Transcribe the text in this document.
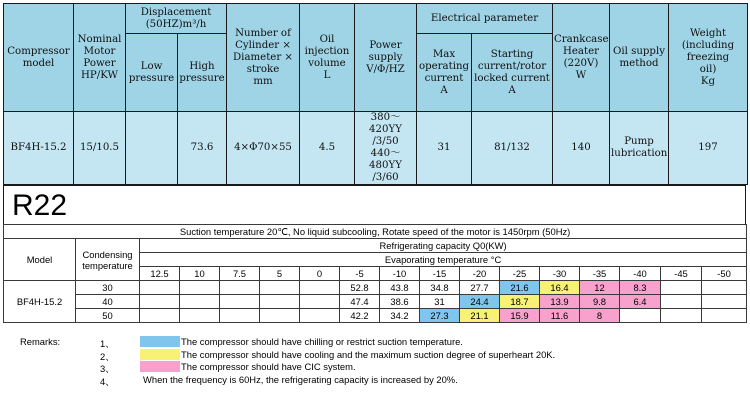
Compressor
model	Nominal
Motor
Power
HP/KW	Displacement
(50HZ)m³/h		Number of
Cylinder ×
Diameter ×
stroke
mm	Oil
injection
volume
L	Power
supply
V/Φ/HZ	Electrical parameter		Crankcase
Heater
(220V)
W	Oil supply
method	Weight
(including
freezing
oil)
Kg
		Low
pressure	High
pressure				Max
operating
current
A	Starting
current/rotor
locked current
A			
BF4H-15.2	15/10.5		73.6	4×Φ70×55	4.5	380～420YY
/3/50
440～480YY
/3/60	31	81/132	140	Pump
lubrication	197
R22
Suction temperature 20℃, No liquid subcooling, Rotate speed of the motor is 1450rpm (50Hz)																
Model	Condensing
temperature	Refrigerating capacity Q0(KW)														
		Evaporating temperature °C														
		12.5	10	7.5	5	0	-5	-10	-15	-20	-25	-30	-35	-40	-45	-50
BF4H-15.2	30						52.8	43.8	34.8	27.7	21.6	16.4	12	8.3		
	40						47.4	38.6	31	24.4	18.7	13.9	9.8	6.4		
	50						42.2	34.2	27.3	21.1	15.9	11.6	8			
Remarks:	1、	The compressor should have chilling or restrict suction temperature.
2、	The compressor should have cooling and the maximum suction degree of superheart 20K.
3、	The compressor should have CIC system.
4、	When the frequency is 60Hz, the refrigerating capacity is increased by 20%.
